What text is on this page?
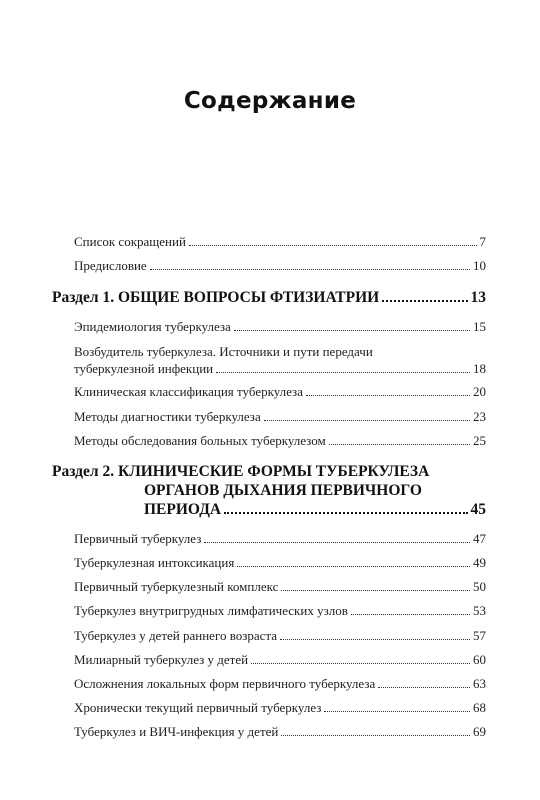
Содержание
Список сокращений	7
Предисловие	10
Раздел 1. ОБЩИЕ ВОПРОСЫ ФТИЗИАТРИИ	13
Эпидемиология туберкулеза	15
Возбудитель туберкулеза. Источники и пути передачи
туберкулезной инфекции	18
Клиническая классификация туберкулеза	20
Методы диагностики туберкулеза	23
Методы обследования больных туберкулезом	25
Раздел 2. КЛИНИЧЕСКИЕ ФОРМЫ ТУБЕРКУЛЕЗА
ОРГАНОВ ДЫХАНИЯ ПЕРВИЧНОГО
ПЕРИОДА	45
Первичный туберкулез	47
Туберкулезная интоксикация	49
Первичный туберкулезный комплекс	50
Туберкулез внутригрудных лимфатических узлов	53
Туберкулез у детей раннего возраста	57
Милиарный туберкулез у детей	60
Осложнения локальных форм первичного туберкулеза	63
Хронически текущий первичный туберкулез	68
Туберкулез и ВИЧ-инфекция у детей	69
